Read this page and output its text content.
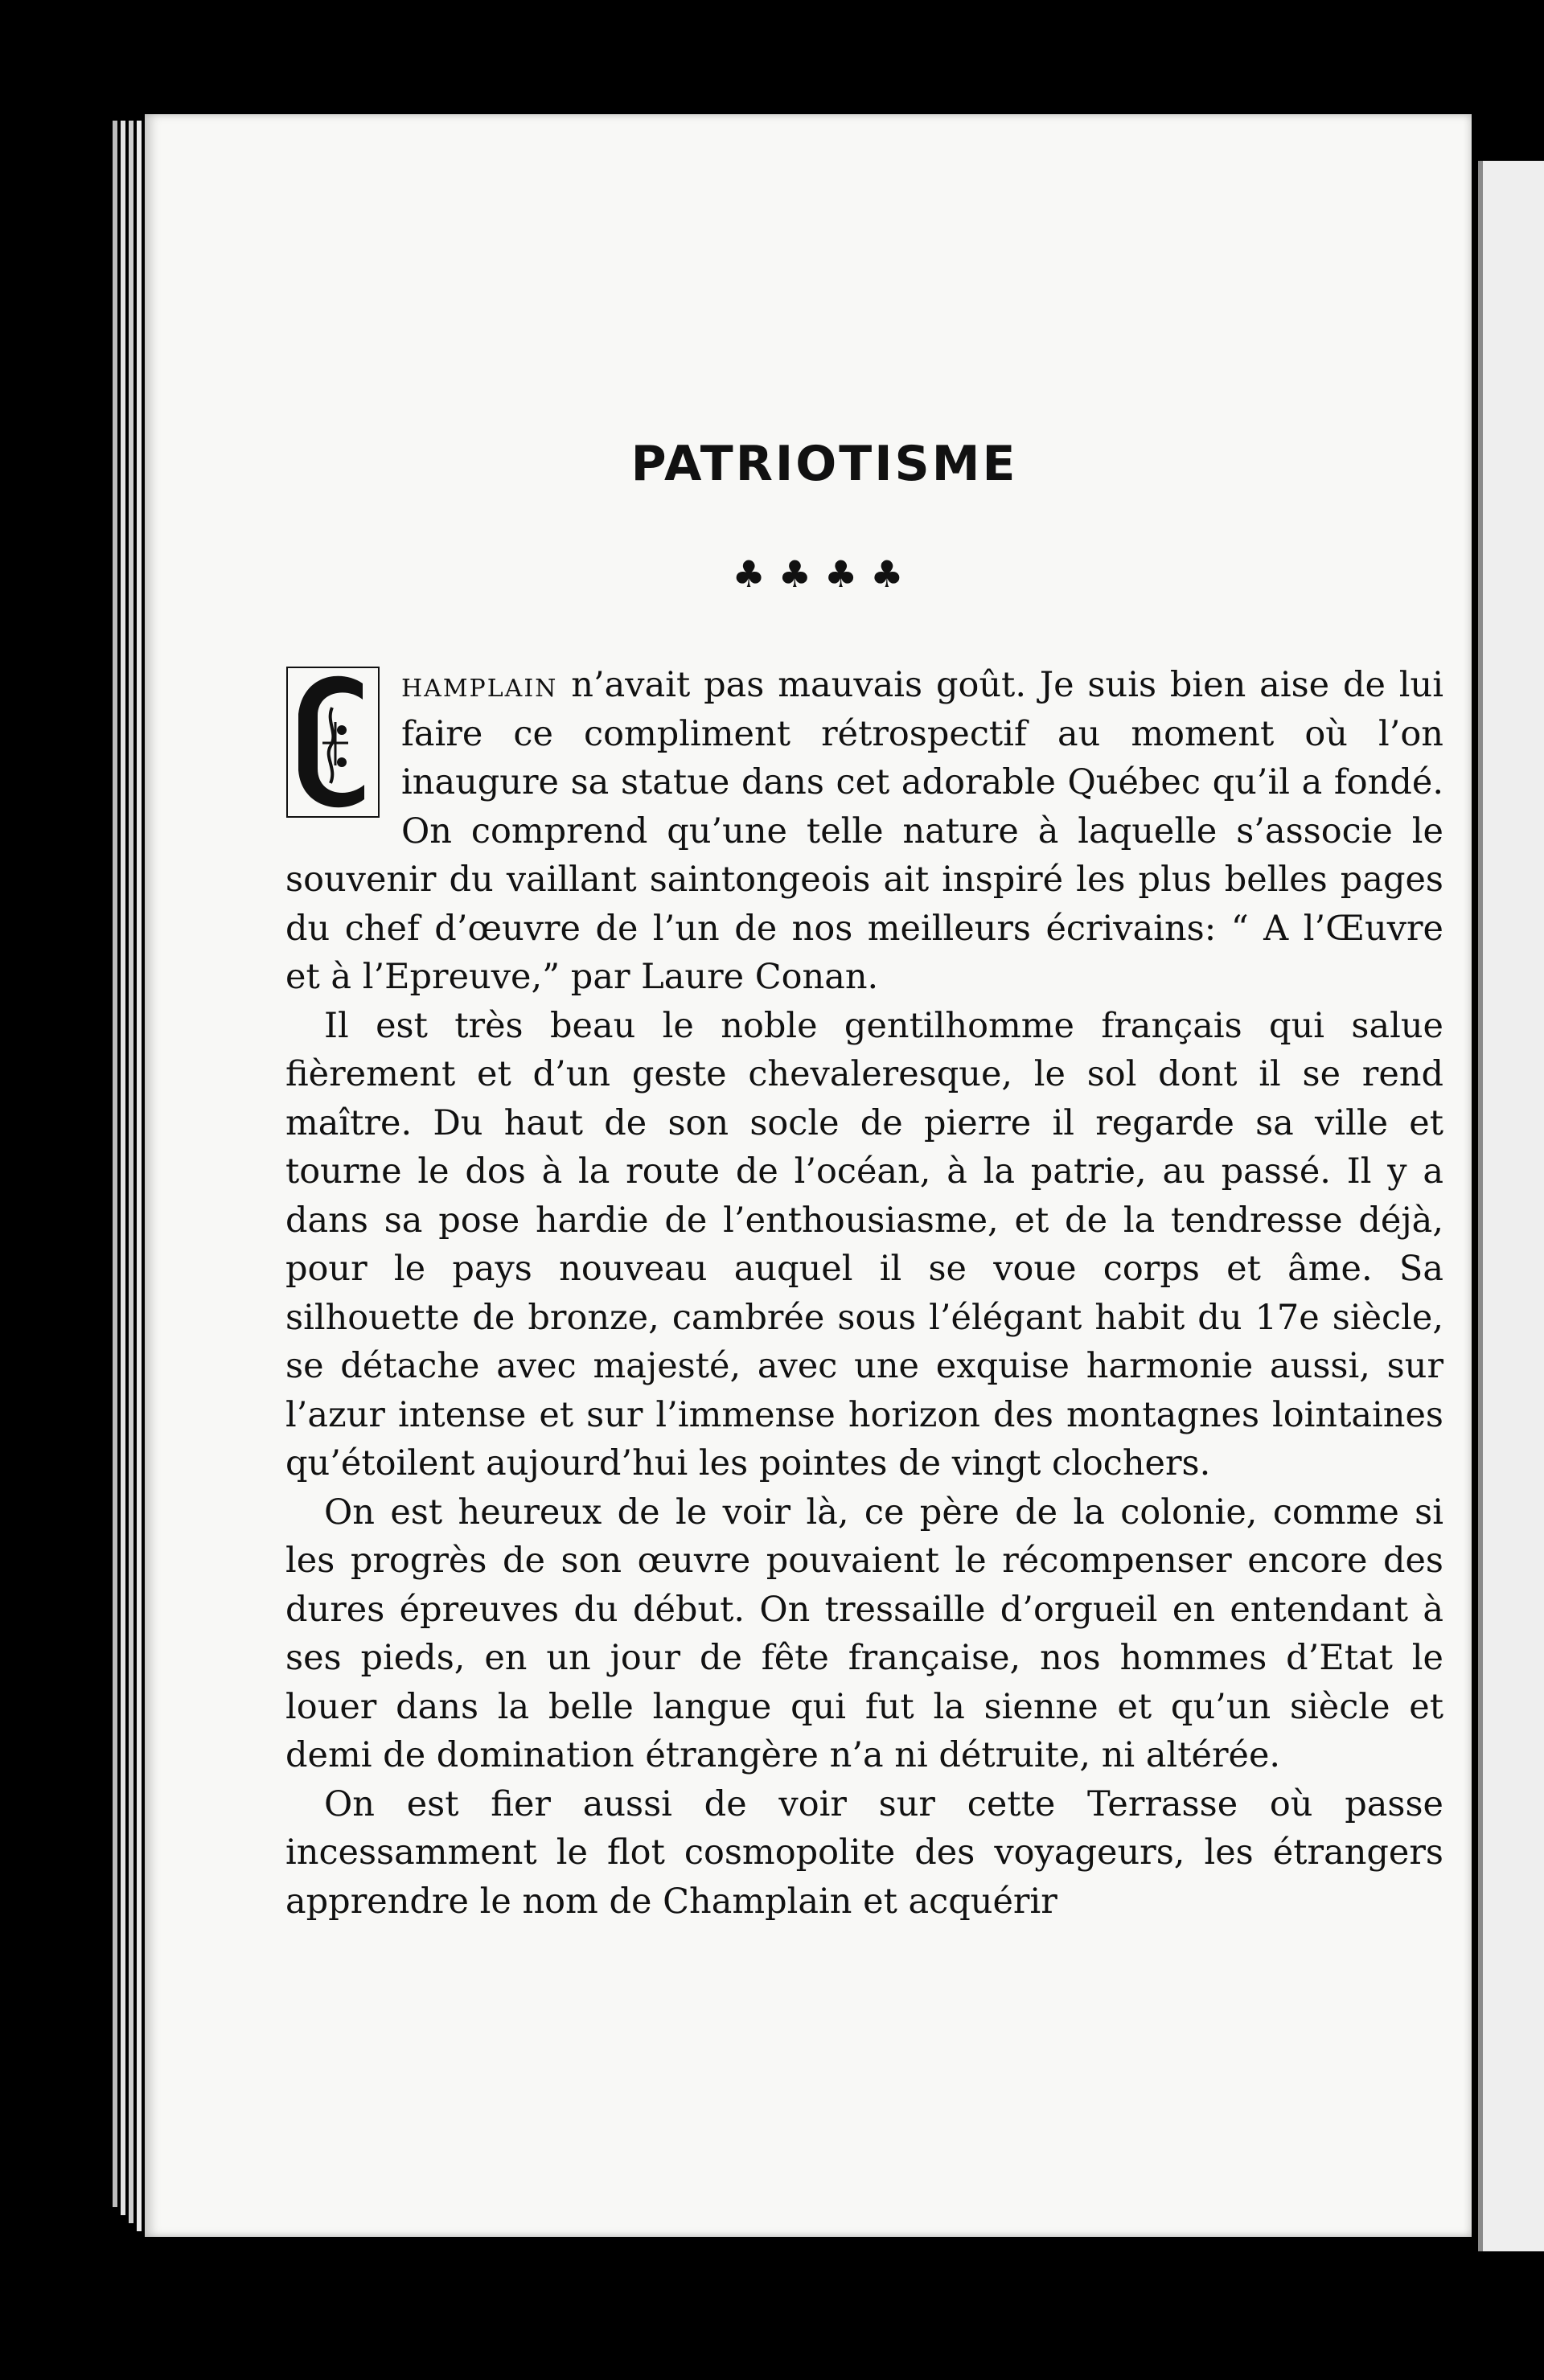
PATRIOTISME
♣♣♣♣

hamplain n’avait pas mauvais goût. Je suis bien aise de lui faire ce compliment rétrospectif au moment où l’on inaugure sa statue dans cet adorable Québec qu’il a fondé. On comprend qu’une telle nature à laquelle s’associe le souvenir du vaillant saintongeois ait inspiré les plus belles pages du chef d’œuvre de l’un de nos meilleurs écrivains: “ A l’Œuvre et à l’Epreuve,” par Laure Conan.

Il est très beau le noble gentilhomme français qui salue fièrement et d’un geste chevaleresque, le sol dont il se rend maître. Du haut de son socle de pierre il regarde sa ville et tourne le dos à la route de l’océan, à la patrie, au passé. Il y a dans sa pose hardie de l’enthousiasme, et de la tendresse déjà, pour le pays nouveau auquel il se voue corps et âme. Sa silhouette de bronze, cambrée sous l’élégant habit du 17e siècle, se détache avec majesté, avec une exquise harmonie aussi, sur l’azur intense et sur l’immense horizon des montagnes lointaines qu’étoilent aujourd’hui les pointes de vingt clochers.

On est heureux de le voir là, ce père de la colonie, comme si les progrès de son œuvre pouvaient le récompenser encore des dures épreuves du début. On tressaille d’orgueil en entendant à ses pieds, en un jour de fête française, nos hommes d’Etat le louer dans la belle langue qui fut la sienne et qu’un siècle et demi de domination étrangère n’a ni détruite, ni altérée.

On est fier aussi de voir sur cette Terrasse où passe incessamment le flot cosmopolite des voyageurs, les étrangers apprendre le nom de Champlain et acquérir
